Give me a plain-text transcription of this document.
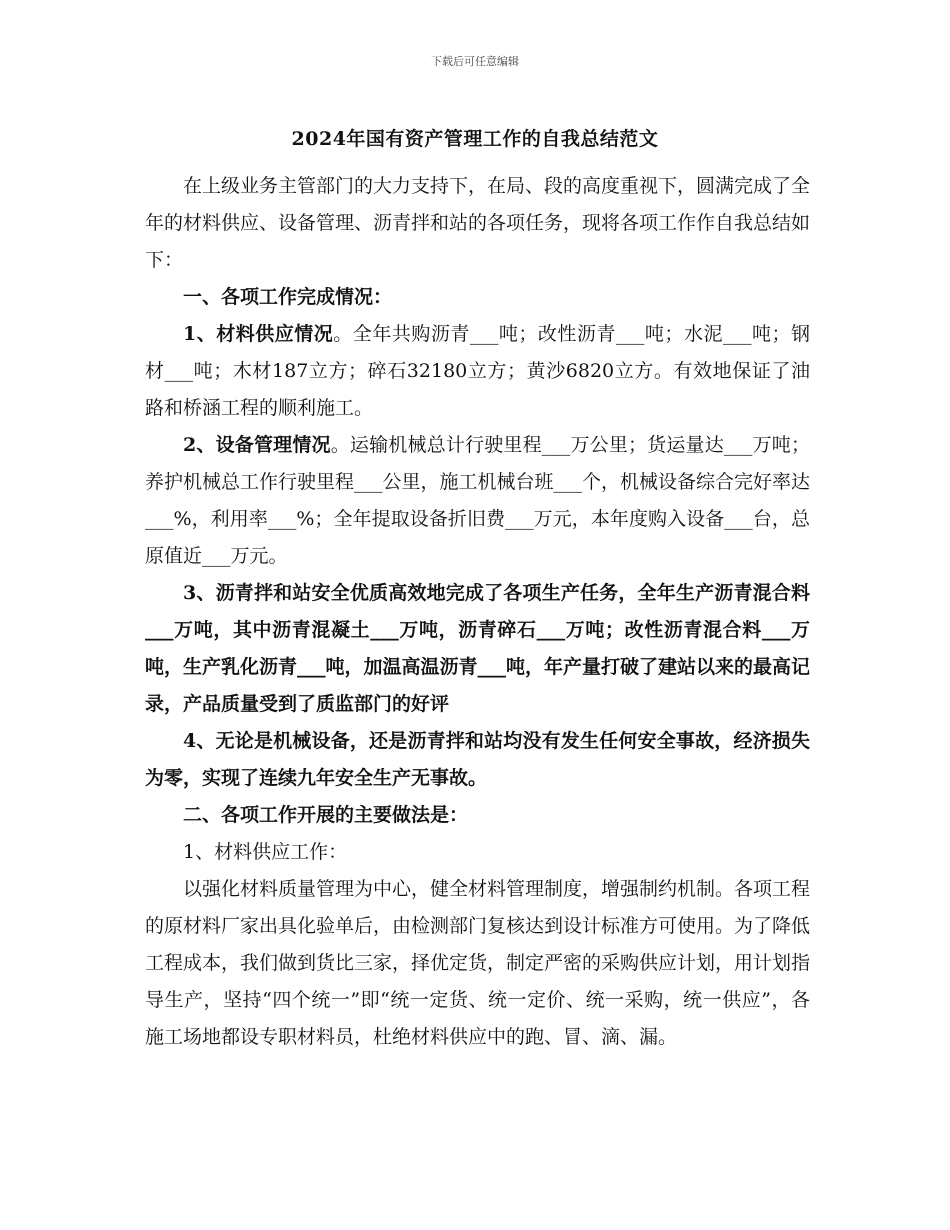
下载后可任意编辑
2024年国有资产管理工作的自我总结范文

在上级业务主管部门的大力支持下，在局、段的高度重视下，圆满完成了全年的材料供应、设备管理、沥青拌和站的各项任务，现将各项工作作自我总结如下：

一、各项工作完成情况：

1、材料供应情况。全年共购沥青___吨；改性沥青___吨；水泥___吨；钢材___吨；木材187立方；碎石32180立方；黄沙6820立方。有效地保证了油路和桥涵工程的顺利施工。

2、设备管理情况。运输机械总计行驶里程___万公里；货运量达___万吨；养护机械总工作行驶里程___公里，施工机械台班___个，机械设备综合完好率达___%，利用率___%；全年提取设备折旧费___万元，本年度购入设备___台，总原值近___万元。

3、沥青拌和站安全优质高效地完成了各项生产任务，全年生产沥青混合料___万吨，其中沥青混凝土___万吨，沥青碎石___万吨；改性沥青混合料___万吨，生产乳化沥青___吨，加温高温沥青___吨，年产量打破了建站以来的最高记录，产品质量受到了质监部门的好评

4、无论是机械设备，还是沥青拌和站均没有发生任何安全事故，经济损失为零，实现了连续九年安全生产无事故。

二、各项工作开展的主要做法是：

1、材料供应工作：

以强化材料质量管理为中心，健全材料管理制度，增强制约机制。各项工程的原材料厂家出具化验单后，由检测部门复核达到设计标准方可使用。为了降低工程成本，我们做到货比三家，择优定货，制定严密的采购供应计划，用计划指导生产，坚持“四个统一”即“统一定货、统一定价、统一采购，统一供应”，各施工场地都设专职材料员，杜绝材料供应中的跑、冒、滴、漏。
